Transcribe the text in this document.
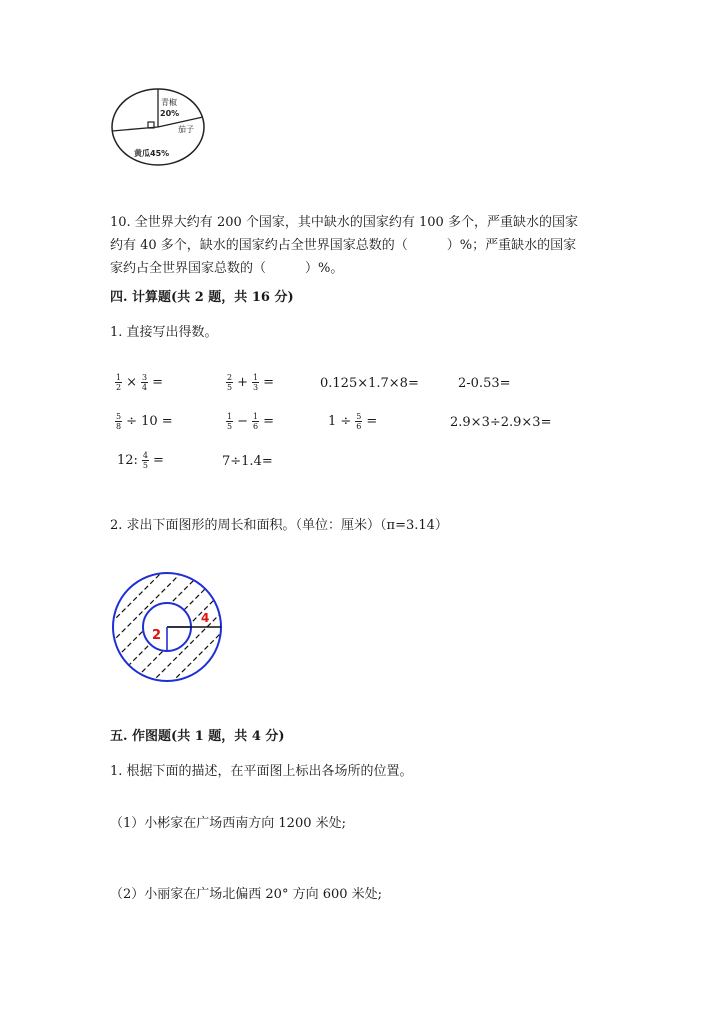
青椒
20%
茄子
黄瓜45%
10. 全世界大约有 200 个国家，其中缺水的国家约有 100 多个，严重缺水的国家
约有 40 多个，缺水的国家约占全世界国家总数的（　　　）%；严重缺水的国家
家约占全世界国家总数的（　　　）%。
四. 计算题(共 2 题，共 16 分)
1. 直接写出得数。
$\frac{1}{2} \times \frac{3}{4}$ =	$\frac{2}{5} + \frac{1}{3}$ =	0.125×1.7×8=	2-0.53=
$\frac{5}{8} \div 10$ =	$\frac{1}{5} - \frac{1}{6}$ =	$1 \div \frac{5}{6}$ =	2.9×3÷2.9×3=
12: $\frac{4}{5}$ =	7÷1.4=
2. 求出下面图形的周长和面积。（单位：厘米）（π=3.14）
2
4
五. 作图题(共 1 题，共 4 分)
1. 根据下面的描述，在平面图上标出各场所的位置。
（1）小彬家在广场西南方向 1200 米处;
（2）小丽家在广场北偏西 20° 方向 600 米处;
